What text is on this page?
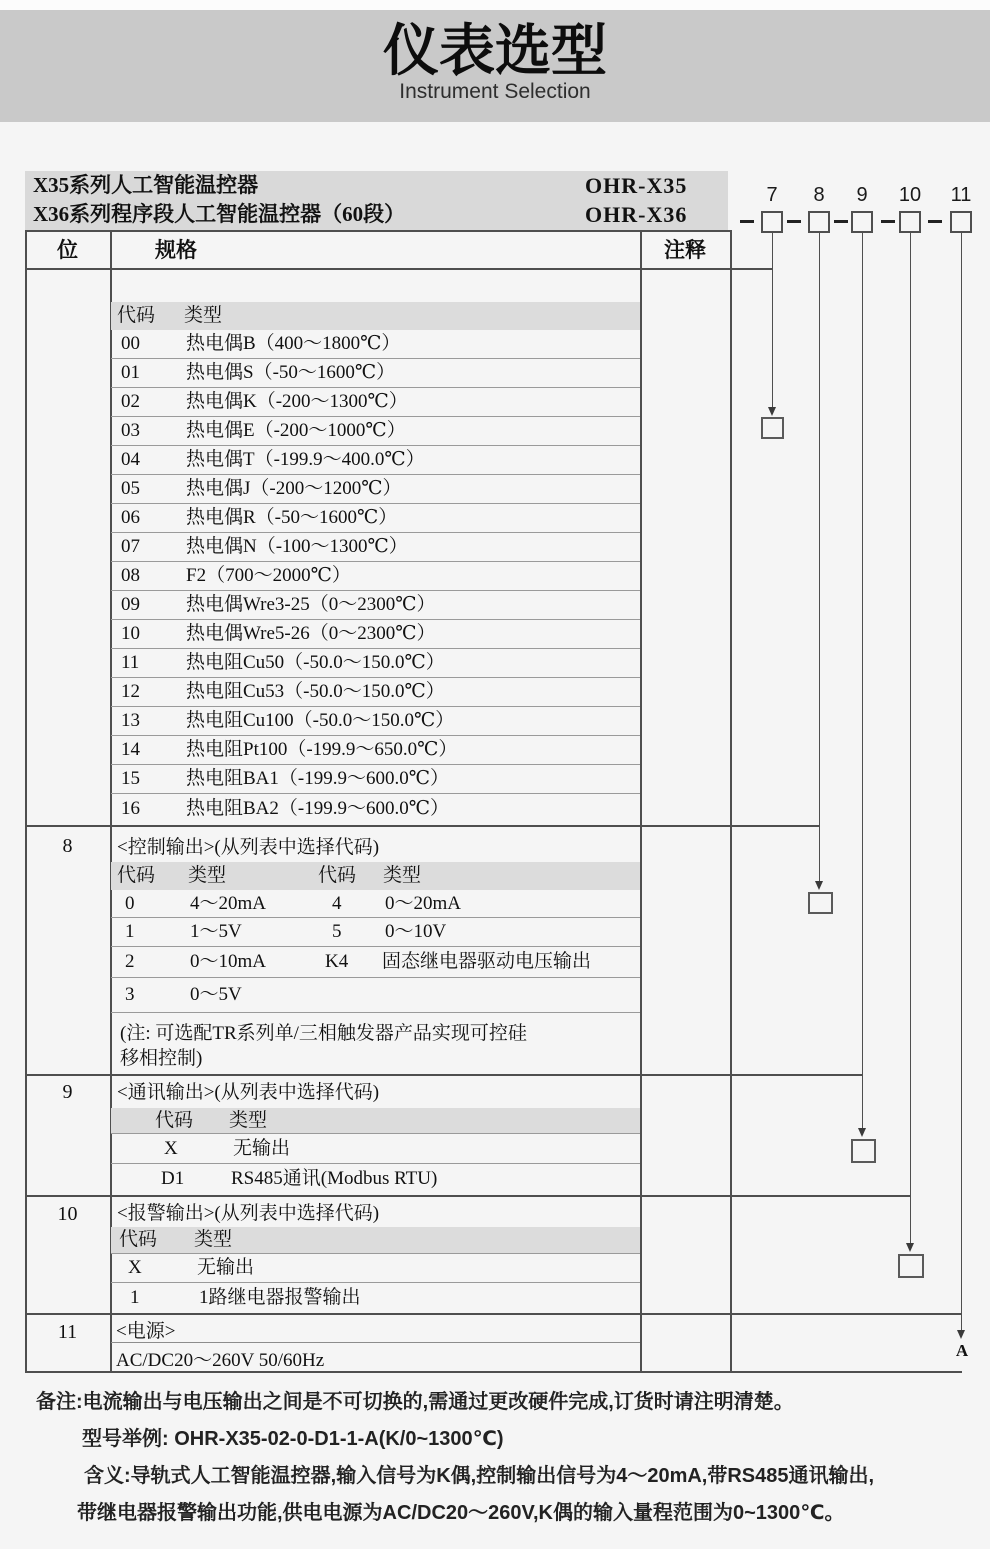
仪表选型
Instrument Selection
X35系列人工智能温控器	OHR-X35
X36系列程序段人工智能温控器（60段）	OHR-X36
位	规格	注释
代码 类型
00 热电偶B（400～1800℃）
01 热电偶S（-50～1600℃）
02 热电偶K（-200～1300℃）
03 热电偶E（-200～1000℃）
04 热电偶T（-199.9～400.0℃）
05 热电偶J（-200～1200℃）
06 热电偶R（-50～1600℃）
07 热电偶N（-100～1300℃）
08 F2（700～2000℃）
09 热电偶Wre3-25（0～2300℃）
10 热电偶Wre5-26（0～2300℃）
11 热电阻Cu50（-50.0～150.0℃）
12 热电阻Cu53（-50.0～150.0℃）
13 热电阻Cu100（-50.0～150.0℃）
14 热电阻Pt100（-199.9～650.0℃）
15 热电阻BA1（-199.9～600.0℃）
16 热电阻BA2（-199.9～600.0℃）
8	<控制输出>(从列表中选择代码)
代码 类型	代码 类型
0	4～20mA	4 0～20mA
1	1～5V	5 0～10V
2	0～10mA	K4 固态继电器驱动电压输出
3	0～5V
(注: 可选配TR系列单/三相触发器产品实现可控硅
移相控制)
9	<通讯输出>(从列表中选择代码)
代码 类型
X	无输出
D1 RS485通讯(Modbus RTU)
10	<报警输出>(从列表中选择代码)
代码 类型
X	无输出
1	1路继电器报警输出
11	<电源>
AC/DC20～260V 50/60Hz
7	8	9	10 11
A
备注:电流输出与电压输出之间是不可切换的,需通过更改硬件完成,订货时请注明清楚。
型号举例: OHR-X35-02-0-D1-1-A(K/0~1300℃)
含义:导轨式人工智能温控器,输入信号为K偶,控制输出信号为4～20mA,带RS485通讯输出,
带继电器报警输出功能,供电电源为AC/DC20～260V,K偶的输入量程范围为0~1300℃。
